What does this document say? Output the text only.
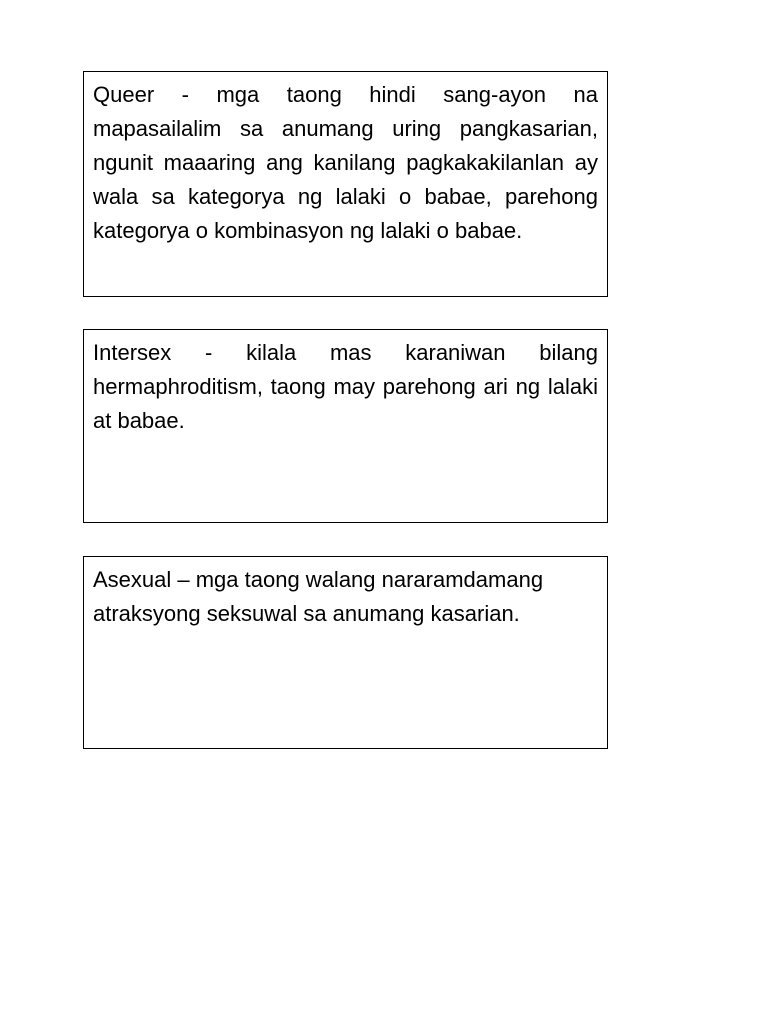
Queer - mga taong hindi sang-ayon na mapasailalim sa anumang uring pangkasarian, ngunit maaaring ang kanilang pagkakakilanlan ay wala sa kategorya ng lalaki o babae, parehong kategorya o kombinasyon ng lalaki o babae.

Intersex - kilala mas karaniwan bilang hermaphroditism, taong may parehong ari ng lalaki at babae.

Asexual – mga taong walang nararamdamang atraksyong seksuwal sa anumang kasarian.
